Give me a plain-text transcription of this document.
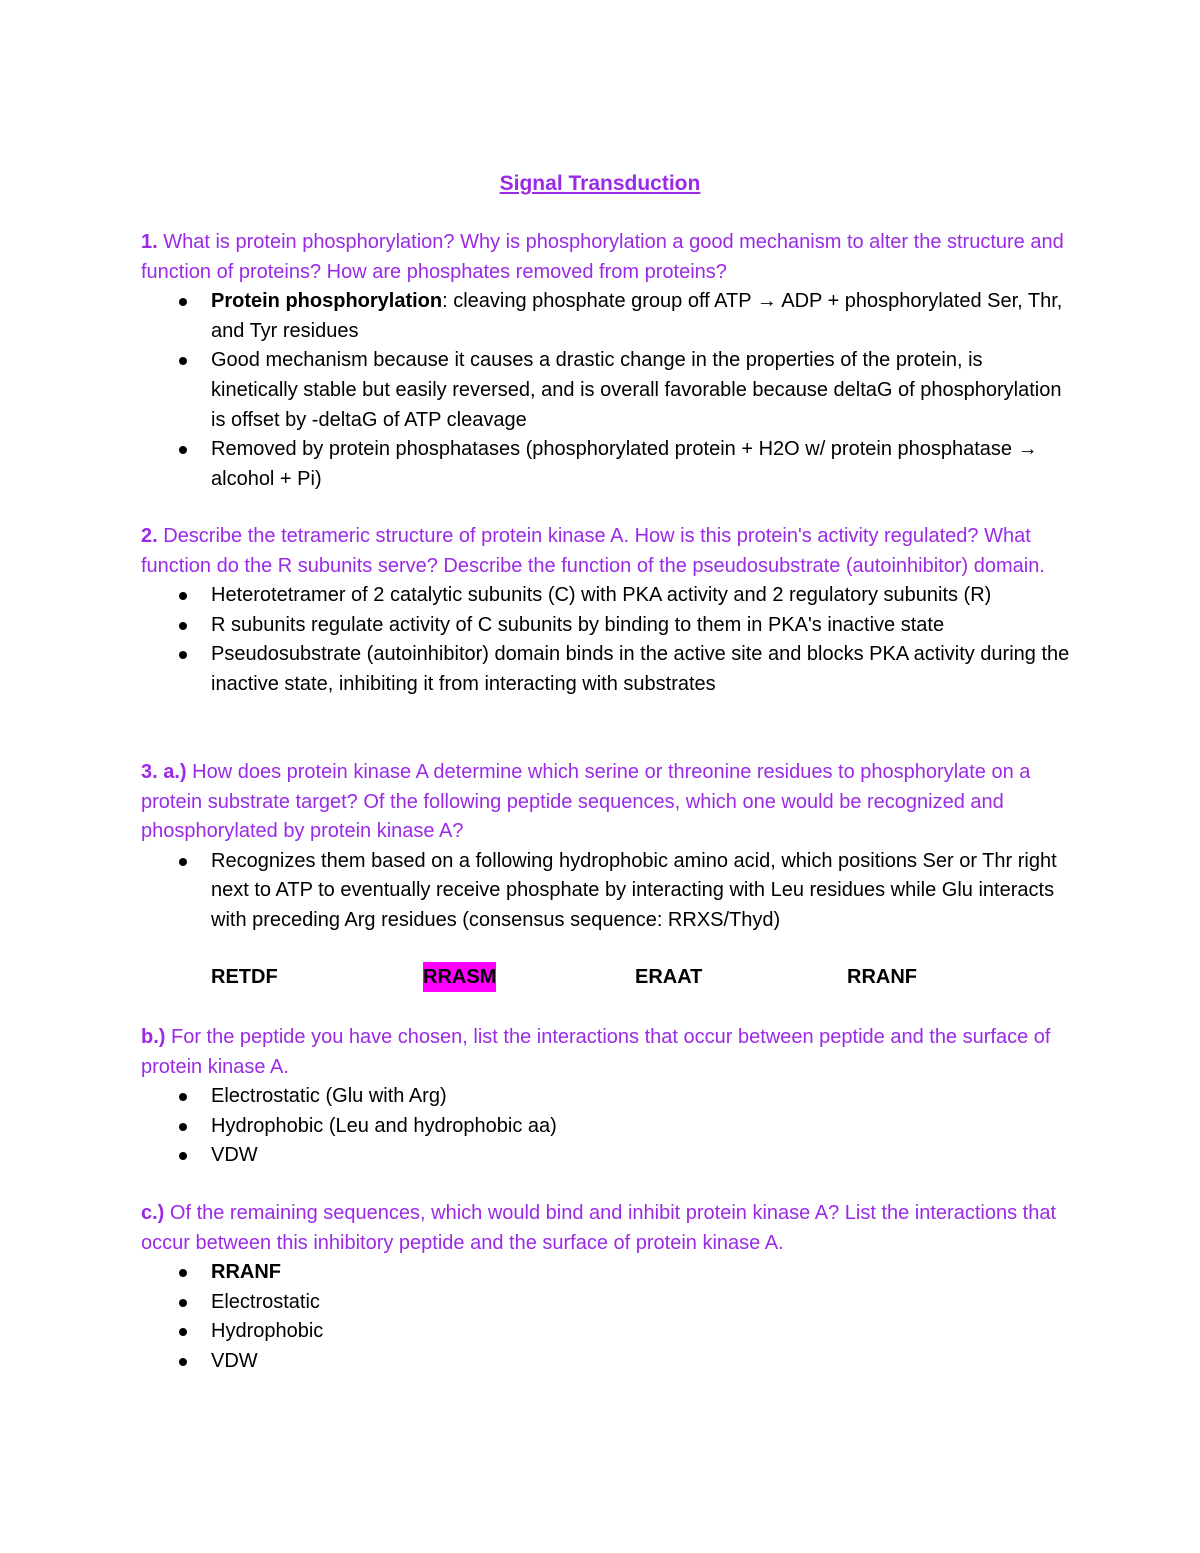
Signal Transduction

1. What is protein phosphorylation? Why is phosphorylation a good mechanism to alter the structure and function of proteins? How are phosphates removed from proteins?

Protein phosphorylation: cleaving phosphate group off ATP → ADP + phosphorylated Ser, Thr, and Tyr residues
Good mechanism because it causes a drastic change in the properties of the protein, is kinetically stable but easily reversed, and is overall favorable because deltaG of phosphorylation is offset by -deltaG of ATP cleavage
Removed by protein phosphatases (phosphorylated protein + H2O w/ protein phosphatase → alcohol + Pi)

2. Describe the tetrameric structure of protein kinase A. How is this protein's activity regulated? What function do the R subunits serve? Describe the function of the pseudosubstrate (autoinhibitor) domain.

Heterotetramer of 2 catalytic subunits (C) with PKA activity and 2 regulatory subunits (R)
R subunits regulate activity of C subunits by binding to them in PKA's inactive state
Pseudosubstrate (autoinhibitor) domain binds in the active site and blocks PKA activity during the inactive state, inhibiting it from interacting with substrates

3. a.) How does protein kinase A determine which serine or threonine residues to phosphorylate on a protein substrate target? Of the following peptide sequences, which one would be recognized and phosphorylated by protein kinase A?

Recognizes them based on a following hydrophobic amino acid, which positions Ser or Thr right next to ATP to eventually receive phosphate by interacting with Leu residues while Glu interacts with preceding Arg residues (consensus sequence: RRXS/Thyd)
RETDF	RRASM	ERAAT	RRANF

b.) For the peptide you have chosen, list the interactions that occur between peptide and the surface of protein kinase A.

Electrostatic (Glu with Arg)
Hydrophobic (Leu and hydrophobic aa)
VDW

c.) Of the remaining sequences, which would bind and inhibit protein kinase A? List the interactions that occur between this inhibitory peptide and the surface of protein kinase A.

RRANF
Electrostatic
Hydrophobic
VDW
